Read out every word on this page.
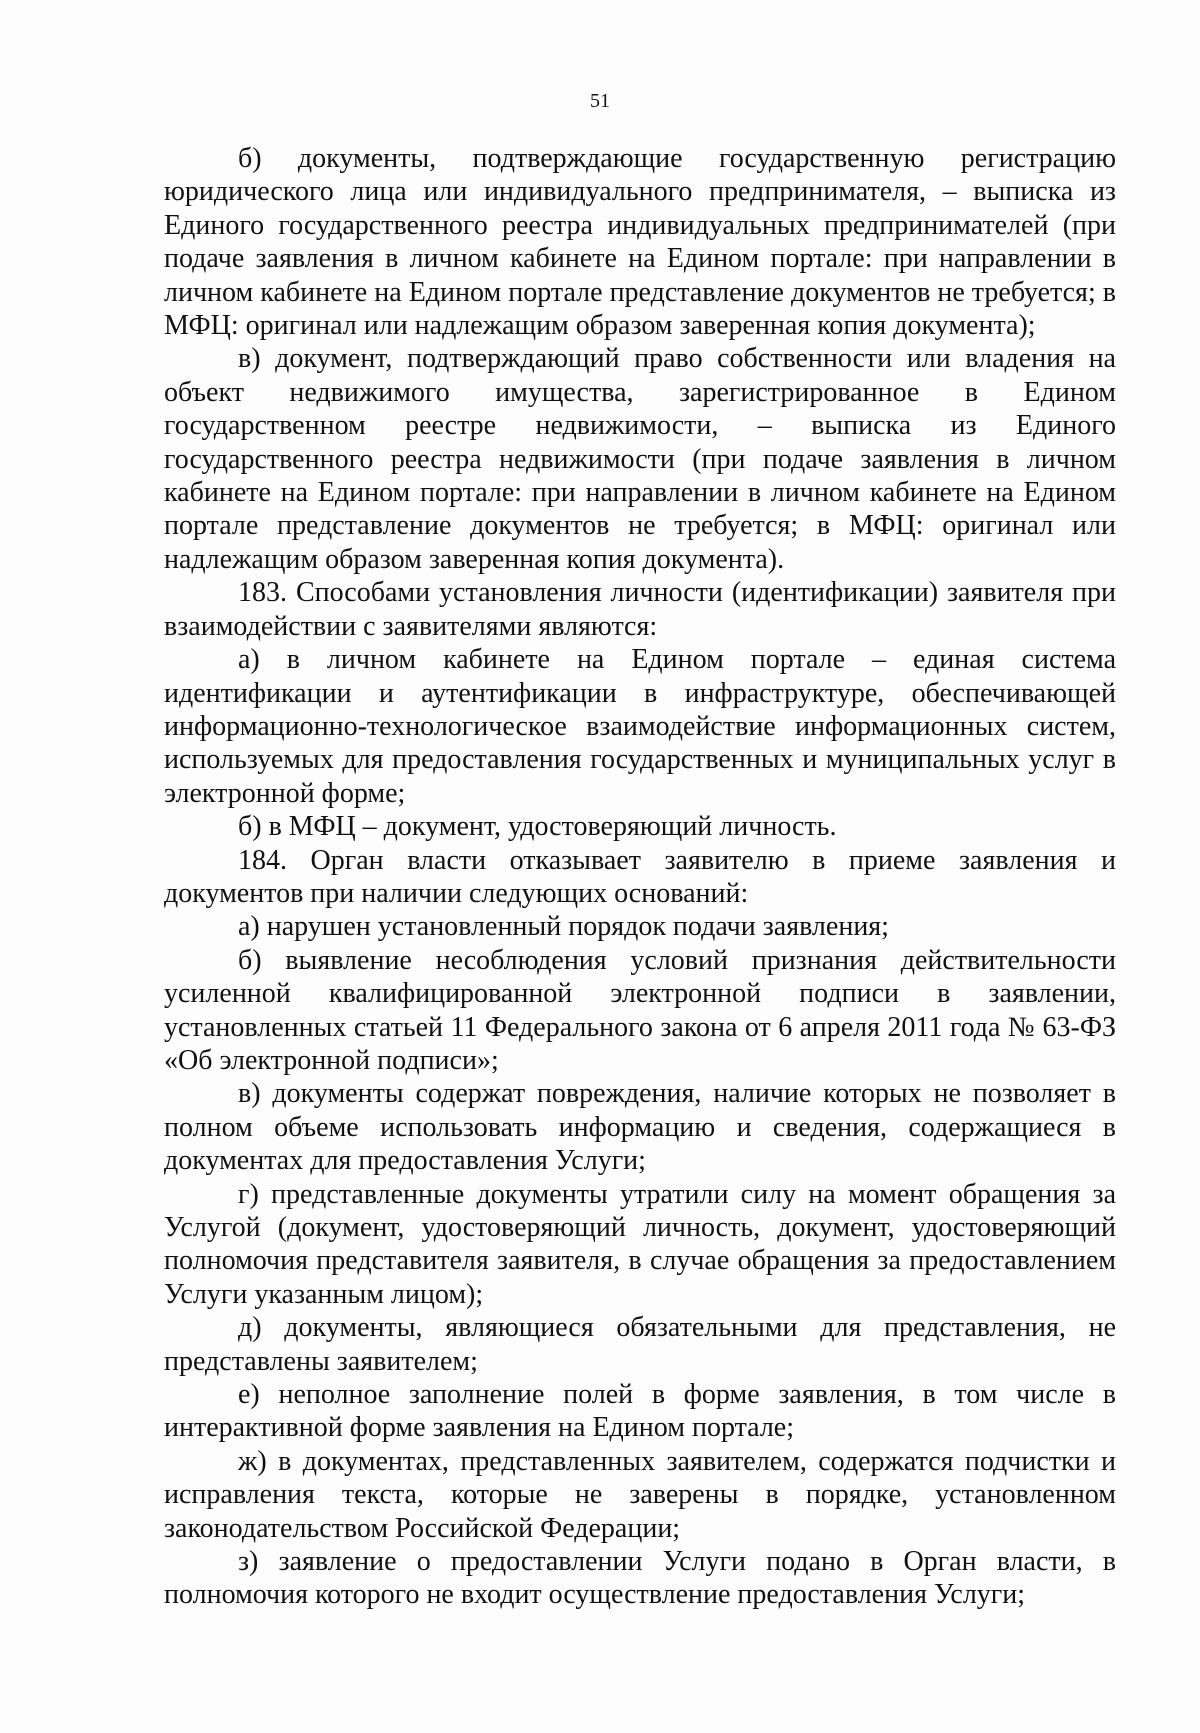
51

б) документы, подтверждающие государственную регистрацию юридического лица или индивидуального предпринимателя, – выписка из Единого государственного реестра индивидуальных предпринимателей (при подаче заявления в личном кабинете на Едином портале: при направлении в личном кабинете на Едином портале представление документов не требуется; в МФЦ: оригинал или надлежащим образом заверенная копия документа);

в) документ, подтверждающий право собственности или владения на объект недвижимого имущества, зарегистрированное в Едином государственном реестре недвижимости, – выписка из Единого государственного реестра недвижимости (при подаче заявления в личном кабинете на Едином портале: при направлении в личном кабинете на Едином портале представление документов не требуется; в МФЦ: оригинал или надлежащим образом заверенная копия документа).

183. Способами установления личности (идентификации) заявителя при взаимодействии с заявителями являются:

а) в личном кабинете на Едином портале – единая система идентификации и аутентификации в инфраструктуре, обеспечивающей информационно-технологическое взаимодействие информационных систем, используемых для предоставления государственных и муниципальных услуг в электронной форме;

б) в МФЦ – документ, удостоверяющий личность.

184. Орган власти отказывает заявителю в приеме заявления и документов при наличии следующих оснований:

а) нарушен установленный порядок подачи заявления;

б) выявление несоблюдения условий признания действительности усиленной квалифицированной электронной подписи в заявлении, установленных статьей 11 Федерального закона от 6 апреля 2011 года № 63-ФЗ «Об электронной подписи»;

в) документы содержат повреждения, наличие которых не позволяет в полном объеме использовать информацию и сведения, содержащиеся в документах для предоставления Услуги;

г) представленные документы утратили силу на момент обращения за Услугой (документ, удостоверяющий личность, документ, удостоверяющий полномочия представителя заявителя, в случае обращения за предоставлением Услуги указанным лицом);

д) документы, являющиеся обязательными для представления, не представлены заявителем;

е) неполное заполнение полей в форме заявления, в том числе в интерактивной форме заявления на Едином портале;

ж) в документах, представленных заявителем, содержатся подчистки и исправления текста, которые не заверены в порядке, установленном законодательством Российской Федерации;

з) заявление о предоставлении Услуги подано в Орган власти, в полномочия которого не входит осуществление предоставления Услуги;
